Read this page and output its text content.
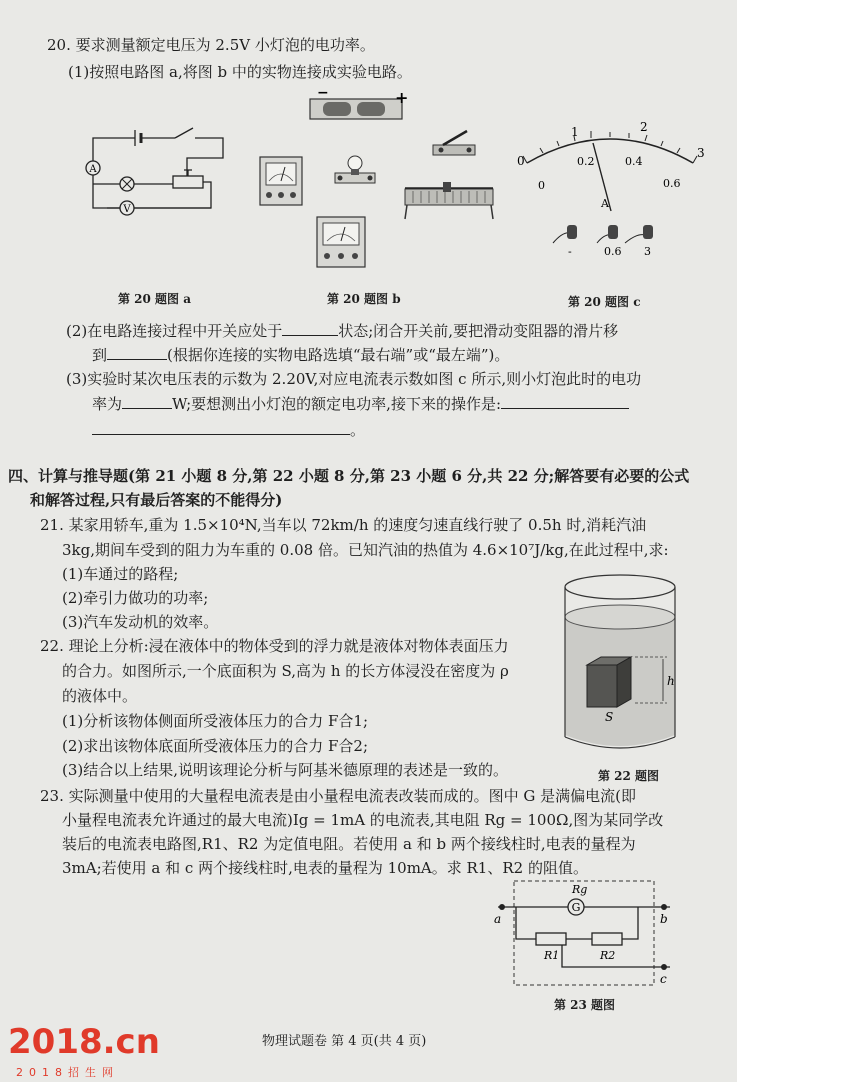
20. 要求测量额定电压为 2.5V 小灯泡的电功率。
(1)按照电路图 a,将图 b 中的实物连接成实验电路。
A
V
第 20 题图 a
−	+
第 20 题图 b
0
1	2
3
0
0.2	0.4
0.6
A
-	0.6 3
第 20 题图 c
(2)在电路连接过程中开关应处于	状态;闭合开关前,要把滑动变阻器的滑片移
到	(根据你连接的实物电路选填“最右端”或“最左端”)。
(3)实验时某次电压表的示数为 2.20V,对应电流表示数如图 c 所示,则小灯泡此时的电功
率为	W;要想测出小灯泡的额定电功率,接下来的操作是:
。
四、计算与推导题(第 21 小题 8 分,第 22 小题 8 分,第 23 小题 6 分,共 22 分;解答要有必要的公式
和解答过程,只有最后答案的不能得分)
21. 某家用轿车,重为 1.5×10⁴N,当车以 72km/h 的速度匀速直线行驶了 0.5h 时,消耗汽油
3kg,期间车受到的阻力为车重的 0.08 倍。已知汽油的热值为 4.6×10⁷J/kg,在此过程中,求:
(1)车通过的路程;
(2)牵引力做功的功率;
(3)汽车发动机的效率。
22. 理论上分析:浸在液体中的物体受到的浮力就是液体对物体表面压力
的合力。如图所示,一个底面积为 S,高为 h 的长方体浸没在密度为 ρ
的液体中。
(1)分析该物体侧面所受液体压力的合力 F合1;
(2)求出该物体底面所受液体压力的合力 F合2;
(3)结合以上结果,说明该理论分析与阿基米德原理的表述是一致的。
h
S
第 22 题图
23. 实际测量中使用的大量程电流表是由小量程电流表改装而成的。图中 G 是满偏电流(即
小量程电流表允许通过的最大电流)Ig = 1mA 的电流表,其电阻 Rg = 100Ω,图为某同学改
装后的电流表电路图,R1、R2 为定值电阻。若使用 a 和 b 两个接线柱时,电表的量程为
3mA;若使用 a 和 c 两个接线柱时,电表的量程为 10mA。求 R1、R2 的阻值。
G
Rg
R1	R2
a	b
c
第 23 题图
物理试题卷 第 4 页(共 4 页)
2018.cn
2018招生网
